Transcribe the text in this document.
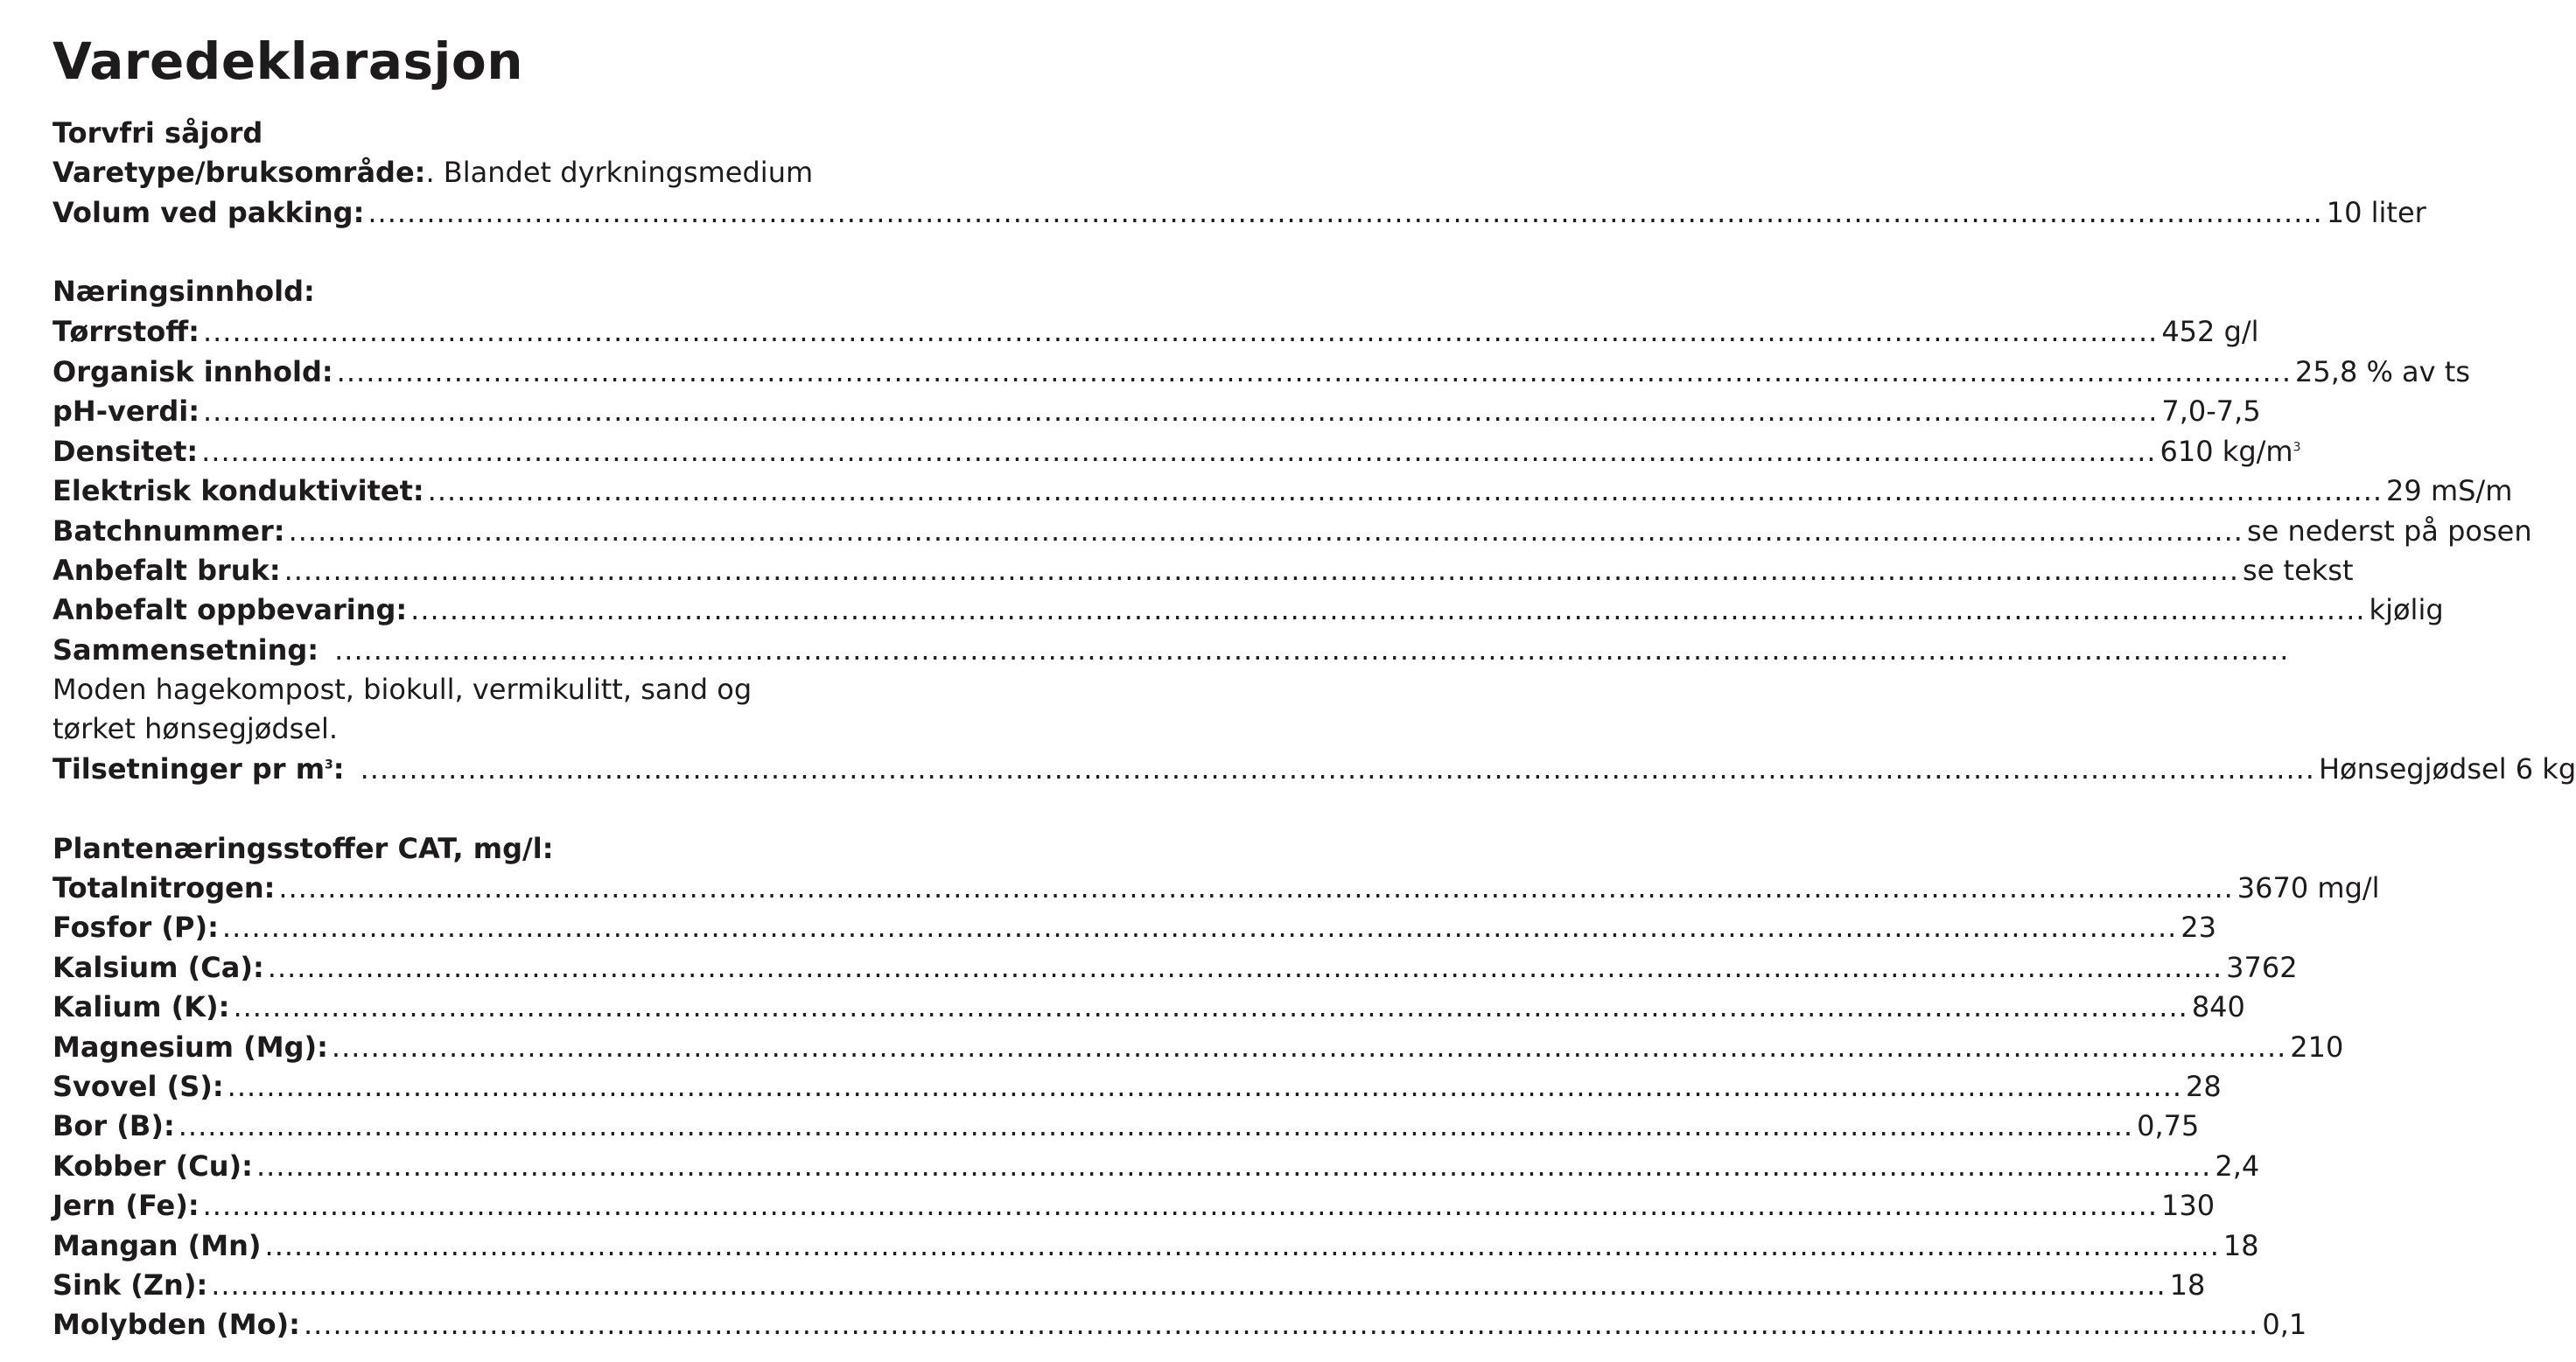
Varedeklarasjon
Torvfri såjord
Varetype/bruksområde: . Blandet dyrkningsmedium
Volum ved pakking: ........................................................................................................................................................................................................ 10 liter
Næringsinnhold:
Tørrstoff: ........................................................................................................................................................................................................ 452 g/l
Organisk innhold: ........................................................................................................................................................................................................ 25,8 % av ts
pH-verdi: ........................................................................................................................................................................................................ 7,0-7,5
Densitet: ........................................................................................................................................................................................................ 610 $kg/m^3$
Elektrisk konduktivitet: ........................................................................................................................................................................................................ 29 mS/m
Batchnummer: ........................................................................................................................................................................................................ se nederst på posen
Anbefalt bruk: ........................................................................................................................................................................................................ se tekst
Anbefalt oppbevaring: ........................................................................................................................................................................................................ kjølig
Sammensetning: ........................................................................................................................................................................................................
Moden hagekompost, biokull, vermikulitt, sand og
tørket hønsegjødsel.
Tilsetninger pr $m^3$: ........................................................................................................................................................................................................ Hønsegjødsel 6 kg
Plantenæringsstoffer CAT, mg/l:
Totalnitrogen: ........................................................................................................................................................................................................ 3670 mg/l
Fosfor (P): ........................................................................................................................................................................................................ 23
Kalsium (Ca): ........................................................................................................................................................................................................ 3762
Kalium (K): ........................................................................................................................................................................................................ 840
Magnesium (Mg): ........................................................................................................................................................................................................ 210
Svovel (S): ........................................................................................................................................................................................................ 28
Bor (B): ........................................................................................................................................................................................................ 0,75
Kobber (Cu): ........................................................................................................................................................................................................ 2,4
Jern (Fe): ........................................................................................................................................................................................................ 130
Mangan (Mn) ........................................................................................................................................................................................................ 18
Sink (Zn): ........................................................................................................................................................................................................ 18
Molybden (Mo): ........................................................................................................................................................................................................ 0,1
